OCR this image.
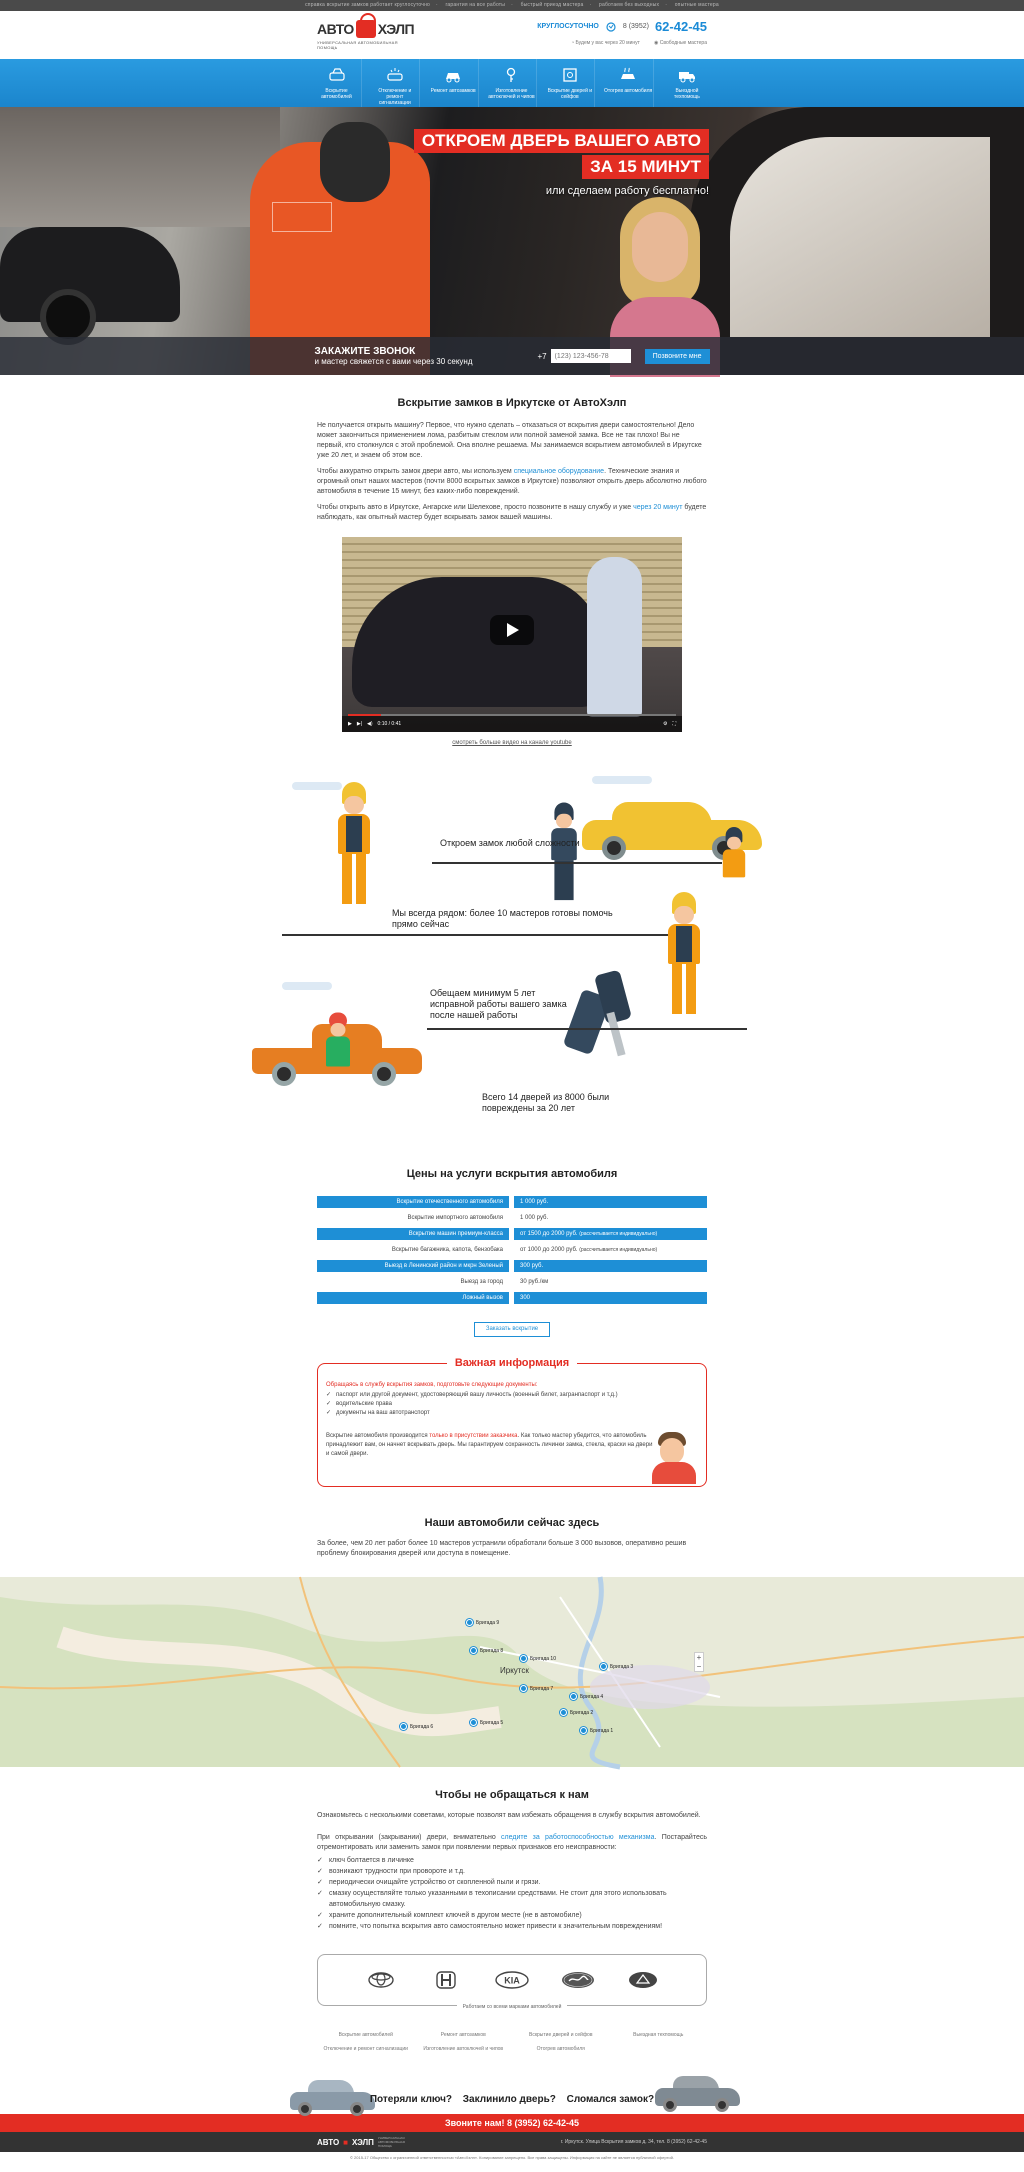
справка вскрытие замков работает круглосуточно · гарантия на все работы · быстрый приезд мастера · работаем без выходных · опытные мастера
АВТО ХЭЛП
УНИВЕРСАЛЬНАЯ АВТОМОБИЛЬНАЯ ПОМОЩЬ
КРУГЛОСУТОЧНО	8 (3952) 62-42-45
◔ Будем у вас через 20 минут	◉ Свободные мастера
Вскрытие автомобилей
Отключение и ремонт сигнализации
Ремонт автозамков	Изготовление автоключей и чипов
Вскрытие дверей и сейфов
Отогрев автомобиля	Выездной техпомощь
ОТКРОЕМ ДВЕРЬ ВАШЕГО АВТО
ЗА 15 МИНУТ
или сделаем работу бесплатно!
ЗАКАЖИТЕ ЗВОНОК
и мастер свяжется с вами через 30 секунд
+7
(123) 123-456-78	Позвоните мне
Вскрытие замков в Иркутске от АвтоХэлп

Не получается открыть машину? Первое, что нужно сделать – отказаться от вскрытия двери самостоятельно! Дело может закончиться применением лома, разбитым стеклом или полной заменой замка. Все не так плохо! Вы не первый, кто столкнулся с этой проблемой. Она вполне решаема. Мы занимаемся вскрытием автомобилей в Иркутске уже 20 лет, и знаем об этом все.

Чтобы аккуратно открыть замок двери авто, мы используем специальное оборудование. Технические знания и огромный опыт наших мастеров (почти 8000 вскрытых замков в Иркутске) позволяют открыть дверь абсолютно любого автомобиля в течение 15 минут, без каких-либо повреждений.

Чтобы открыть авто в Иркутске, Ангарске или Шелехове, просто позвоните в нашу службу и уже через 20 минут будете наблюдать, как опытный мастер будет вскрывать замок вашей машины.

▶ ▶| ◀) 0:10 / 0:41	⚙ ⛶
смотреть больше видео на канале youtube
Откроем замок любой сложности
Мы всегда рядом: более 10 мастеров готовы помочь прямо сейчас
Обещаем минимум 5 лет исправной работы вашего замка после нашей работы
Всего 14 дверей из 8000 были повреждены за 20 лет
Цены на услуги вскрытия автомобиля
Вскрытие отечественного автомобиля		1 000 руб.
Вскрытие импортного автомобиля		1 000 руб.
Вскрытие машин премиум-класса		от 1500 до 2000 руб. (рассчитывается индивидуально)
Вскрытие багажника, капота, бензобака		от 1000 до 2000 руб. (рассчитывается индивидуально)
Выезд в Ленинский район и мкрн Зеленый		300 руб.
Выезд за город		30 руб./км
Ложный вызов		300
Заказать вскрытие
Важная информация
Обращаясь в службу вскрытия замков, подготовьте следующие документы:
✓ паспорт или другой документ, удостоверяющий вашу личность (военный билет, загранпаспорт и т.д.)
✓ водительские права
✓ документы на ваш автотранспорт
Вскрытие автомобиля производится только в присутствии заказчика. Как только мастер убедится, что автомобиль принадлежит вам, он начнет вскрывать дверь. Мы гарантируем сохранность личинки замка, стекла, краски на двери и самой двери.
Наши автомобили сейчас здесь

За более, чем 20 лет работ более 10 мастеров устранили обработали больше 3 000 вызовов, оперативно решив проблему блокирования дверей или доступа в помещение.

Иркутск
+
−
Бригада 9
Бригада 8
Бригада 10
Бригада 3
Бригада 7
Бригада 4
Бригада 2
Бригада 6
Бригада 5
Бригада 1
Чтобы не обращаться к нам

Ознакомьтесь с несколькими советами, которые позволят вам избежать обращения в службу вскрытия автомобилей.

При открывании (закрывании) двери, внимательно следите за работоспособностью механизма. Постарайтесь отремонтировать или заменить замок при появлении первых признаков его неисправности:

✓ ключ болтается в личинке
✓ возникают трудности при провороте и т.д.
✓ периодически очищайте устройство от скопленной пыли и грязи.
✓ смазку осуществляйте только указанными в техописании средствами. Не стоит для этого использовать автомобильную смазку.
✓ храните дополнительный комплект ключей в другом месте (не в автомобиле)
✓ помните, что попытка вскрытия авто самостоятельно может привести к значительным повреждениям!
KIA
Работаем со всеми марками автомобилей
Вскрытие автомобилей	Ремонт автозамков	Вскрытие дверей и сейфов	Выездная техпомощь
Отключение и ремонт сигнализации	Изготовление автоключей и чипов	Отогрев автомобиля
Потеряли ключ? Заклинило дверь? Сломался замок?
Звоните нам! 8 (3952) 62-42-45
АВТО ■ ХЭЛП УНИВЕРСАЛЬНАЯ АВТОМОБИЛЬНАЯ ПОМОЩЬ
г. Иркутск. Улица Вскрытия замков д. 34, тел. 8 (3952) 62-42-45
© 2015-17 Общество с ограниченной ответственностью «АвтоХэлп». Копирование запрещено. Все права защищены. Информация на сайте не является публичной офертой.
